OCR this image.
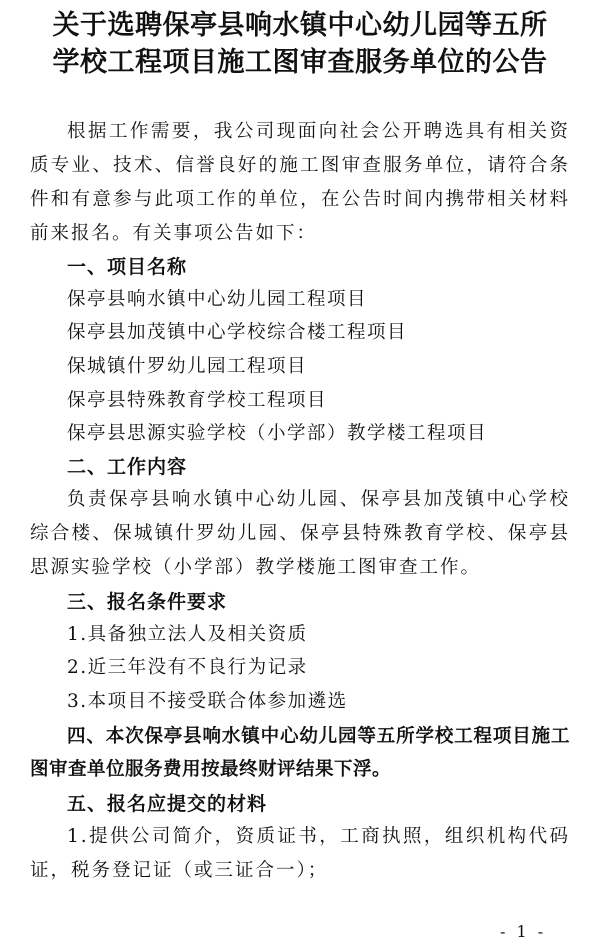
关于选聘保亭县响水镇中心幼儿园等五所
学校工程项目施工图审查服务单位的公告

根据工作需要，我公司现面向社会公开聘选具有相关资质专业、技术、信誉良好的施工图审查服务单位，请符合条件和有意参与此项工作的单位，在公告时间内携带相关材料前来报名。有关事项公告如下：

一、项目名称
保亭县响水镇中心幼儿园工程项目
保亭县加茂镇中心学校综合楼工程项目
保城镇什罗幼儿园工程项目
保亭县特殊教育学校工程项目
保亭县思源实验学校（小学部）教学楼工程项目
二、工作内容

负责保亭县响水镇中心幼儿园、保亭县加茂镇中心学校综合楼、保城镇什罗幼儿园、保亭县特殊教育学校、保亭县思源实验学校（小学部）教学楼施工图审查工作。

三、报名条件要求
1.具备独立法人及相关资质
2.近三年没有不良行为记录
3.本项目不接受联合体参加遴选

四、本次保亭县响水镇中心幼儿园等五所学校工程项目施工图审查单位服务费用按最终财评结果下浮。

五、报名应提交的材料

1.提供公司简介，资质证书，工商执照，组织机构代码证，税务登记证（或三证合一）；

- 1 -
